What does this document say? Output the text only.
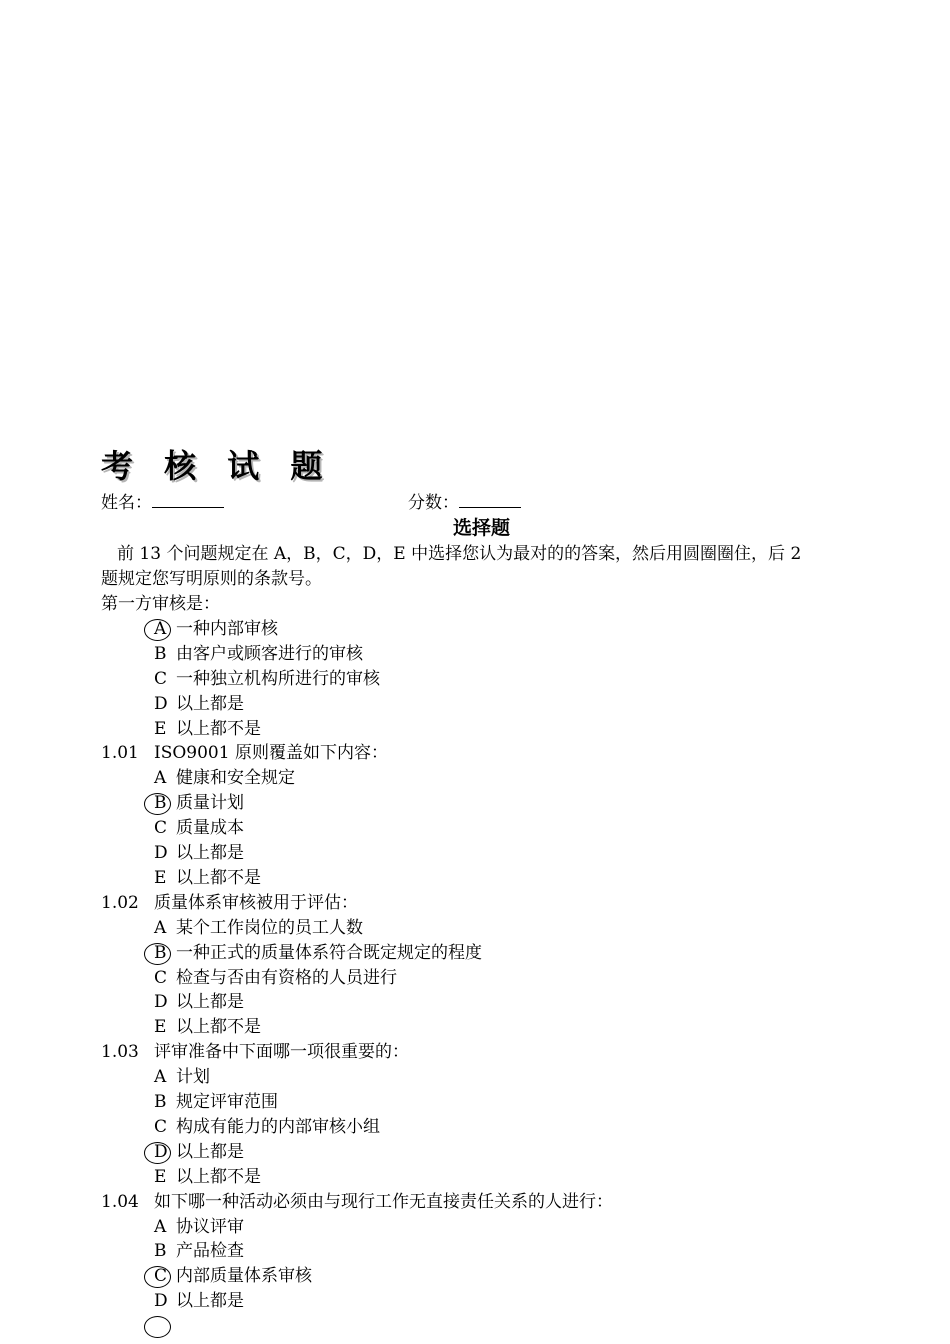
考 核 试 题
姓名：	分数：
选择题
前 13 个问题规定在 A，B，C，D，E 中选择您认为最对的的答案，然后用圆圈圈住，后 2
题规定您写明原则的条款号。
第一方审核是：
A 一种内部审核
B 由客户或顾客进行的审核
C 一种独立机构所进行的审核
D 以上都是
E 以上都不是
1.01 ISO9001 原则覆盖如下内容：
A 健康和安全规定
B 质量计划
C 质量成本
D 以上都是
E 以上都不是
1.02 质量体系审核被用于评估：
A 某个工作岗位的员工人数
B 一种正式的质量体系符合既定规定的程度
C 检查与否由有资格的人员进行
D 以上都是
E 以上都不是
1.03 评审准备中下面哪一项很重要的：
A 计划
B 规定评审范围
C 构成有能力的内部审核小组
D 以上都是
E 以上都不是
1.04 如下哪一种活动必须由与现行工作无直接责任关系的人进行：
A 协议评审
B 产品检查
C 内部质量体系审核
D 以上都是
